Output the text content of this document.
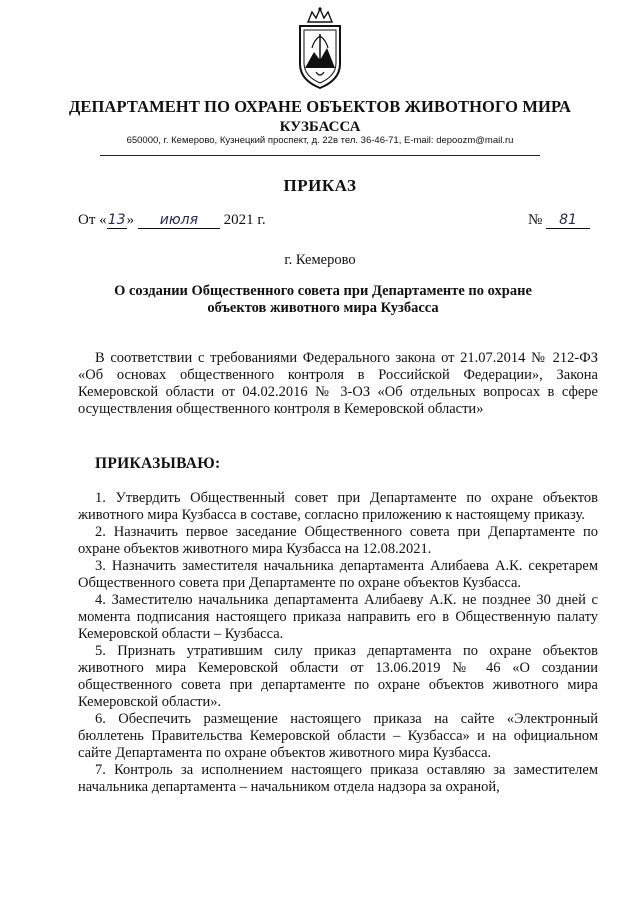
ДЕПАРТАМЕНТ ПО ОХРАНЕ ОБЪЕКТОВ ЖИВОТНОГО МИРА
КУЗБАССА
650000, г. Кемерово, Кузнецкий проспект, д. 22в тел. 36-46-71, E-mail: depoozm@mail.ru
ПРИКАЗ
От «13» июля 2021 г.	№ 81
г. Кемерово
О создании Общественного совета при Департаменте по охране объектов животного мира Кузбасса
В соответствии с требованиями Федерального закона от 21.07.2014 № 212-ФЗ «Об основах общественного контроля в Российской Федерации», Закона Кемеровской области от 04.02.2016 № 3-ОЗ «Об отдельных вопросах в сфере осуществления общественного контроля в Кемеровской области»
ПРИКАЗЫВАЮ:

1. Утвердить Общественный совет при Департаменте по охране объектов животного мира Кузбасса в составе, согласно приложению к настоящему приказу.

2. Назначить первое заседание Общественного совета при Департаменте по охране объектов животного мира Кузбасса на 12.08.2021.

3. Назначить заместителя начальника департамента Алибаева А.К. секретарем Общественного совета при Департаменте по охране объектов Кузбасса.

4. Заместителю начальника департамента Алибаеву А.К. не позднее 30 дней с момента подписания настоящего приказа направить его в Общественную палату Кемеровской области – Кузбасса.

5. Признать утратившим силу приказ департамента по охране объектов животного мира Кемеровской области от 13.06.2019 № 46 «О создании общественного совета при департаменте по охране объектов животного мира Кемеровской области».

6. Обеспечить размещение настоящего приказа на сайте «Электронный бюллетень Правительства Кемеровской области – Кузбасса» и на официальном сайте Департамента по охране объектов животного мира Кузбасса.

7. Контроль за исполнением настоящего приказа оставляю за заместителем начальника департамента – начальником отдела надзора за охраной,
